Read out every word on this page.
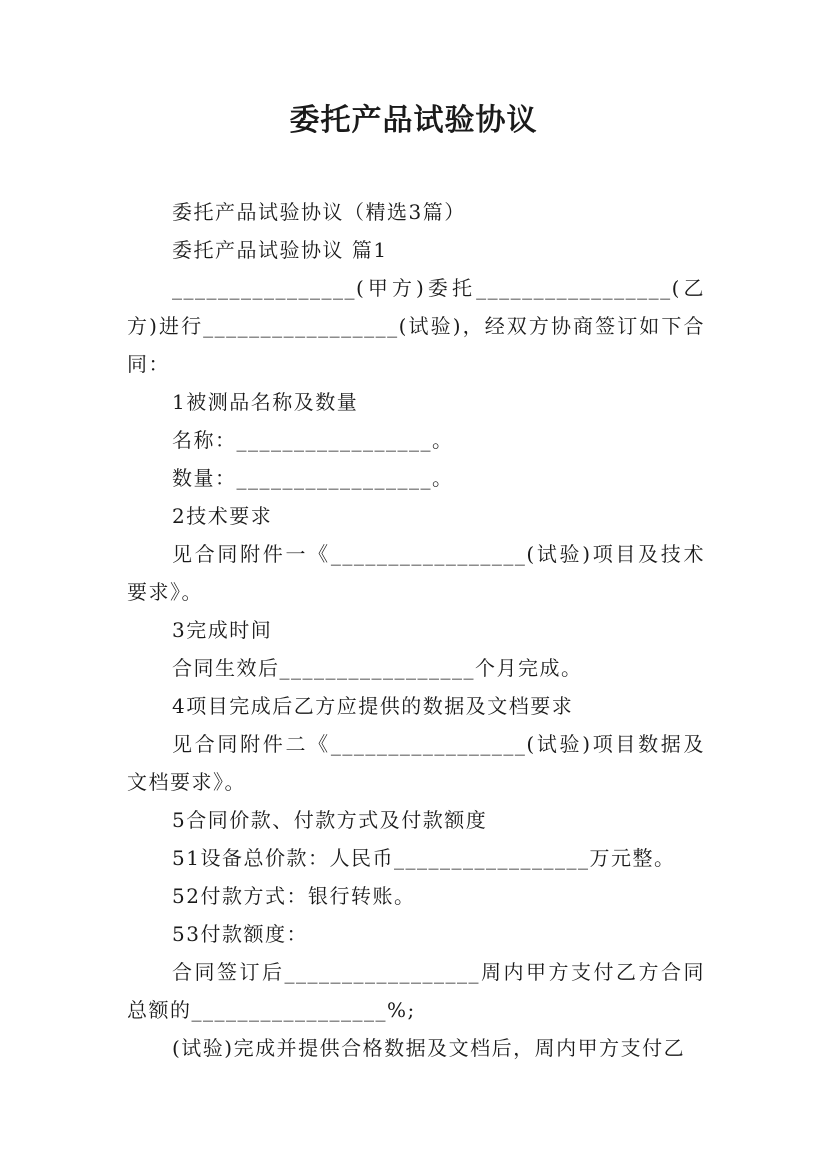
委托产品试验协议

委托产品试验协议（精选3篇）

委托产品试验协议 篇1

________________(甲方)委托_________________(乙方)进行_________________(试验)，经双方协商签订如下合同：

1被测品名称及数量

名称：_________________。

数量：_________________。

2技术要求

见合同附件一《_________________(试验)项目及技术要求》。

3完成时间

合同生效后_________________个月完成。

4项目完成后乙方应提供的数据及文档要求

见合同附件二《_________________(试验)项目数据及文档要求》。

5合同价款、付款方式及付款额度

51设备总价款：人民币_________________万元整。

52付款方式：银行转账。

53付款额度：

合同签订后_________________周内甲方支付乙方合同总额的_________________%;

(试验)完成并提供合格数据及文档后，周内甲方支付乙
